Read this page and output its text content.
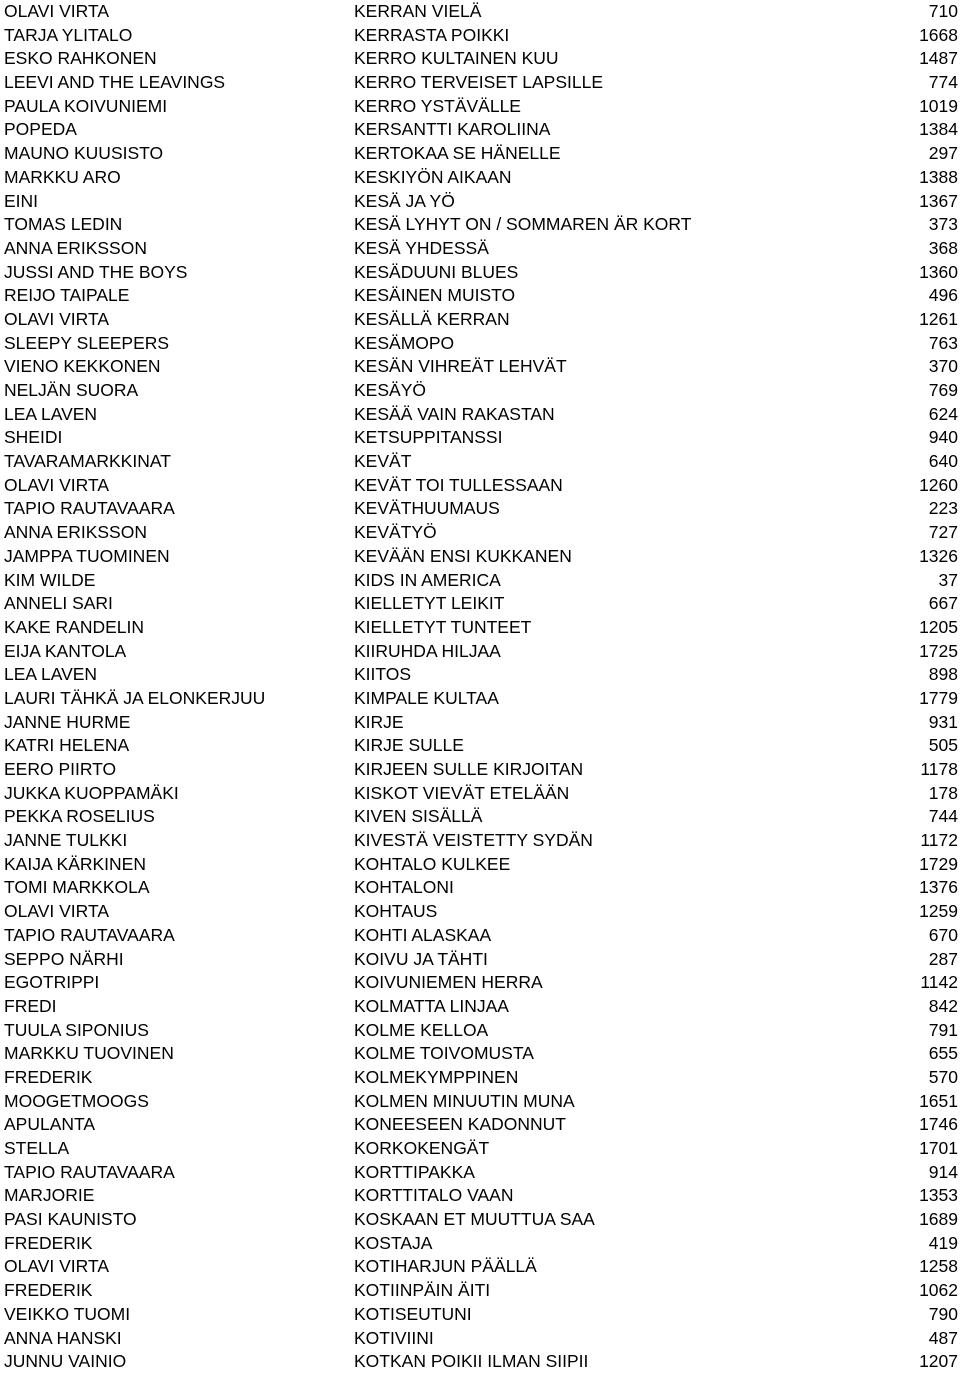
OLAVI VIRTA	KERRAN VIELÄ	710
TARJA YLITALO	KERRASTA POIKKI	1668
ESKO RAHKONEN	KERRO KULTAINEN KUU	1487
LEEVI AND THE LEAVINGS	KERRO TERVEISET LAPSILLE	774
PAULA KOIVUNIEMI	KERRO YSTÄVÄLLE	1019
POPEDA	KERSANTTI KAROLIINA	1384
MAUNO KUUSISTO	KERTOKAA SE HÄNELLE	297
MARKKU ARO	KESKIYÖN AIKAAN	1388
EINI	KESÄ JA YÖ	1367
TOMAS LEDIN	KESÄ LYHYT ON / SOMMAREN ÄR KORT	373
ANNA ERIKSSON	KESÄ YHDESSÄ	368
JUSSI AND THE BOYS	KESÄDUUNI BLUES	1360
REIJO TAIPALE	KESÄINEN MUISTO	496
OLAVI VIRTA	KESÄLLÄ KERRAN	1261
SLEEPY SLEEPERS	KESÄMOPO	763
VIENO KEKKONEN	KESÄN VIHREÄT LEHVÄT	370
NELJÄN SUORA	KESÄYÖ	769
LEA LAVEN	KESÄÄ VAIN RAKASTAN	624
SHEIDI	KETSUPPITANSSI	940
TAVARAMARKKINAT	KEVÄT	640
OLAVI VIRTA	KEVÄT TOI TULLESSAAN	1260
TAPIO RAUTAVAARA	KEVÄTHUUMAUS	223
ANNA ERIKSSON	KEVÄTYÖ	727
JAMPPA TUOMINEN	KEVÄÄN ENSI KUKKANEN	1326
KIM WILDE	KIDS IN AMERICA	37
ANNELI SARI	KIELLETYT LEIKIT	667
KAKE RANDELIN	KIELLETYT TUNTEET	1205
EIJA KANTOLA	KIIRUHDA HILJAA	1725
LEA LAVEN	KIITOS	898
LAURI TÄHKÄ JA ELONKERJUU	KIMPALE KULTAA	1779
JANNE HURME	KIRJE	931
KATRI HELENA	KIRJE SULLE	505
EERO PIIRTO	KIRJEEN SULLE KIRJOITAN	1178
JUKKA KUOPPAMÄKI	KISKOT VIEVÄT ETELÄÄN	178
PEKKA ROSELIUS	KIVEN SISÄLLÄ	744
JANNE TULKKI	KIVESTÄ VEISTETTY SYDÄN	1172
KAIJA KÄRKINEN	KOHTALO KULKEE	1729
TOMI MARKKOLA	KOHTALONI	1376
OLAVI VIRTA	KOHTAUS	1259
TAPIO RAUTAVAARA	KOHTI ALASKAA	670
SEPPO NÄRHI	KOIVU JA TÄHTI	287
EGOTRIPPI	KOIVUNIEMEN HERRA	1142
FREDI	KOLMATTA LINJAA	842
TUULA SIPONIUS	KOLME KELLOA	791
MARKKU TUOVINEN	KOLME TOIVOMUSTA	655
FREDERIK	KOLMEKYMPPINEN	570
MOOGETMOOGS	KOLMEN MINUUTIN MUNA	1651
APULANTA	KONEESEEN KADONNUT	1746
STELLA	KORKOKENGÄT	1701
TAPIO RAUTAVAARA	KORTTIPAKKA	914
MARJORIE	KORTTITALO VAAN	1353
PASI KAUNISTO	KOSKAAN ET MUUTTUA SAA	1689
FREDERIK	KOSTAJA	419
OLAVI VIRTA	KOTIHARJUN PÄÄLLÄ	1258
FREDERIK	KOTIINPÄIN ÄITI	1062
VEIKKO TUOMI	KOTISEUTUNI	790
ANNA HANSKI	KOTIVIINI	487
JUNNU VAINIO	KOTKAN POIKII ILMAN SIIPII	1207
